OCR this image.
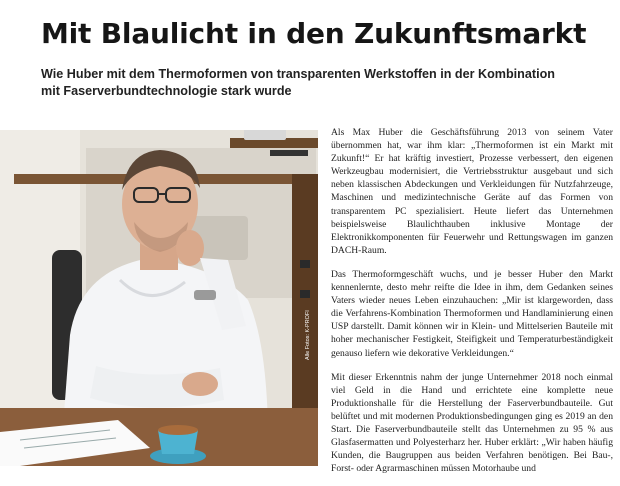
Mit Blaulicht in den Zukunftsmarkt

Wie Huber mit dem Thermoformen von transparenten Werkstoffen in der Kombination mit Faserverbundtechnologie stark wurde

Alle Fotos: K-PROFI

Als Max Huber die Geschäftsführung 2013 von seinem Vater übernommen hat, war ihm klar: „Thermoformen ist ein Markt mit Zukunft!“ Er hat kräftig investiert, Prozesse verbessert, den eigenen Werkzeugbau modernisiert, die Vertriebsstruktur ausgebaut und sich neben klassischen Abdeckungen und Verkleidungen für Nutzfahrzeuge, Maschinen und medizintechnische Geräte auf das Formen von transparentem PC spezialisiert. Heute liefert das Unternehmen beispielsweise Blaulichthauben inklusive Montage der Elektronikkomponenten für Feuerwehr und Rettungswagen im ganzen DACH-Raum.

Das Thermoformgeschäft wuchs, und je besser Huber den Markt kennenlernte, desto mehr reifte die Idee in ihm, dem Gedanken seines Vaters wieder neues Leben einzuhauchen: „Mir ist klargeworden, dass die Verfahrens-Kombination Thermoformen und Handlaminierung einen USP darstellt. Damit können wir in Klein- und Mittelserien Bauteile mit hoher mechanischer Festigkeit, Steifigkeit und Temperaturbeständigkeit genauso liefern wie dekorative Verkleidungen.“

Mit dieser Erkenntnis nahm der junge Unternehmer 2018 noch einmal viel Geld in die Hand und errichtete eine komplette neue Produktionshalle für die Herstellung der Faserverbundbauteile. Gut belüftet und mit modernen Produktionsbedingungen ging es 2019 an den Start. Die Faserverbundbauteile stellt das Unternehmen zu 95 % aus Glasfasermatten und Polyesterharz her. Huber erklärt: „Wir haben häufig Kunden, die Baugruppen aus beiden Verfahren benötigen. Bei Bau-, Forst- oder Agrarmaschinen müssen Motorhaube und
